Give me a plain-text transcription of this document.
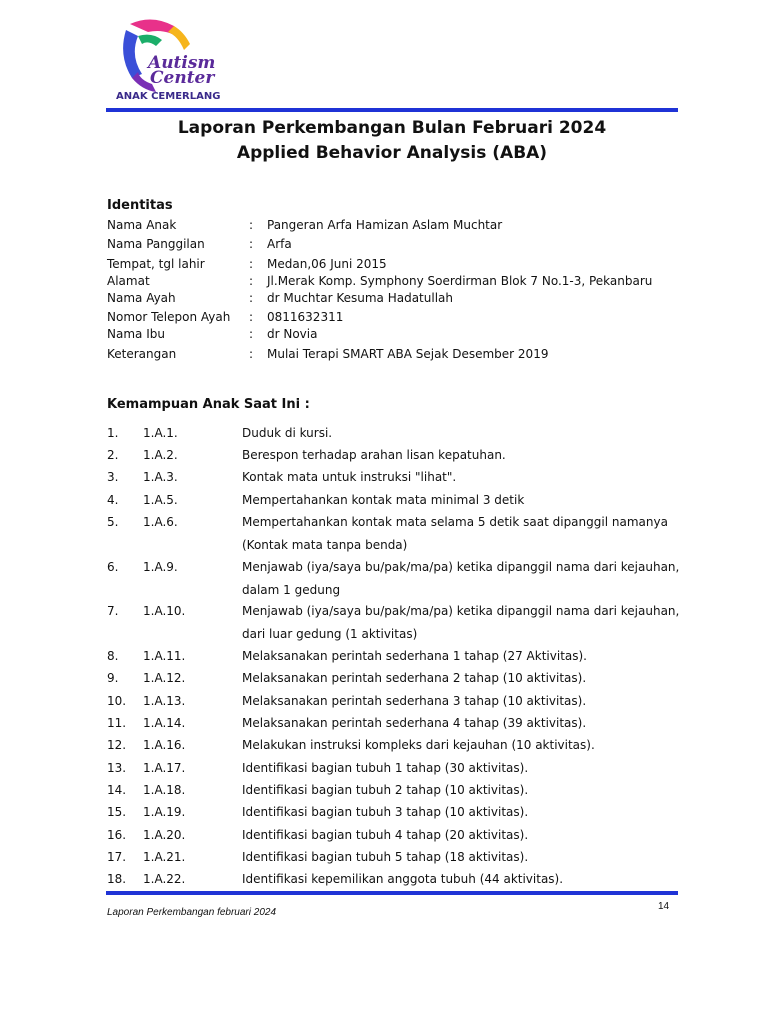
Autism
Center
ANAK CEMERLANG
Laporan Perkembangan Bulan Februari 2024
Applied Behavior Analysis (ABA)
Identitas
Nama Anak	: Pangeran Arfa Hamizan Aslam Muchtar
Nama Panggilan	: Arfa
Tempat, tgl lahir	: Medan,06 Juni 2015
Alamat	: Jl.Merak Komp. Symphony Soerdirman Blok 7 No.1-3, Pekanbaru
Nama Ayah	: dr Muchtar Kesuma Hadatullah
Nomor Telepon Ayah	: 0811632311
Nama Ibu	: dr Novia
Keterangan	: Mulai Terapi SMART ABA Sejak Desember 2019
Kemampuan Anak Saat Ini :
1.	1.A.1.	Duduk di kursi.
2.	1.A.2.	Berespon terhadap arahan lisan kepatuhan.
3.	1.A.3.	Kontak mata untuk instruksi "lihat".
4.	1.A.5.	Mempertahankan kontak mata minimal 3 detik
5.	1.A.6.	Mempertahankan kontak mata selama 5 detik saat dipanggil namanya (Kontak mata tanpa benda)
6.	1.A.9.	Menjawab (iya/saya bu/pak/ma/pa) ketika dipanggil nama dari kejauhan, dalam 1 gedung
7.	1.A.10.	Menjawab (iya/saya bu/pak/ma/pa) ketika dipanggil nama dari kejauhan, dari luar gedung (1 aktivitas)
8.	1.A.11.	Melaksanakan perintah sederhana 1 tahap (27 Aktivitas).
9.	1.A.12.	Melaksanakan perintah sederhana 2 tahap (10 aktivitas).
10.	1.A.13.	Melaksanakan perintah sederhana 3 tahap (10 aktivitas).
11.	1.A.14.	Melaksanakan perintah sederhana 4 tahap (39 aktivitas).
12.	1.A.16.	Melakukan instruksi kompleks dari kejauhan (10 aktivitas).
13.	1.A.17.	Identifikasi bagian tubuh 1 tahap (30 aktivitas).
14.	1.A.18.	Identifikasi bagian tubuh 2 tahap (10 aktivitas).
15.	1.A.19.	Identifikasi bagian tubuh 3 tahap (10 aktivitas).
16.	1.A.20.	Identifikasi bagian tubuh 4 tahap (20 aktivitas).
17.	1.A.21.	Identifikasi bagian tubuh 5 tahap (18 aktivitas).
18.	1.A.22.	Identifikasi kepemilikan anggota tubuh (44 aktivitas).
Laporan Perkembangan februari 2024
14
